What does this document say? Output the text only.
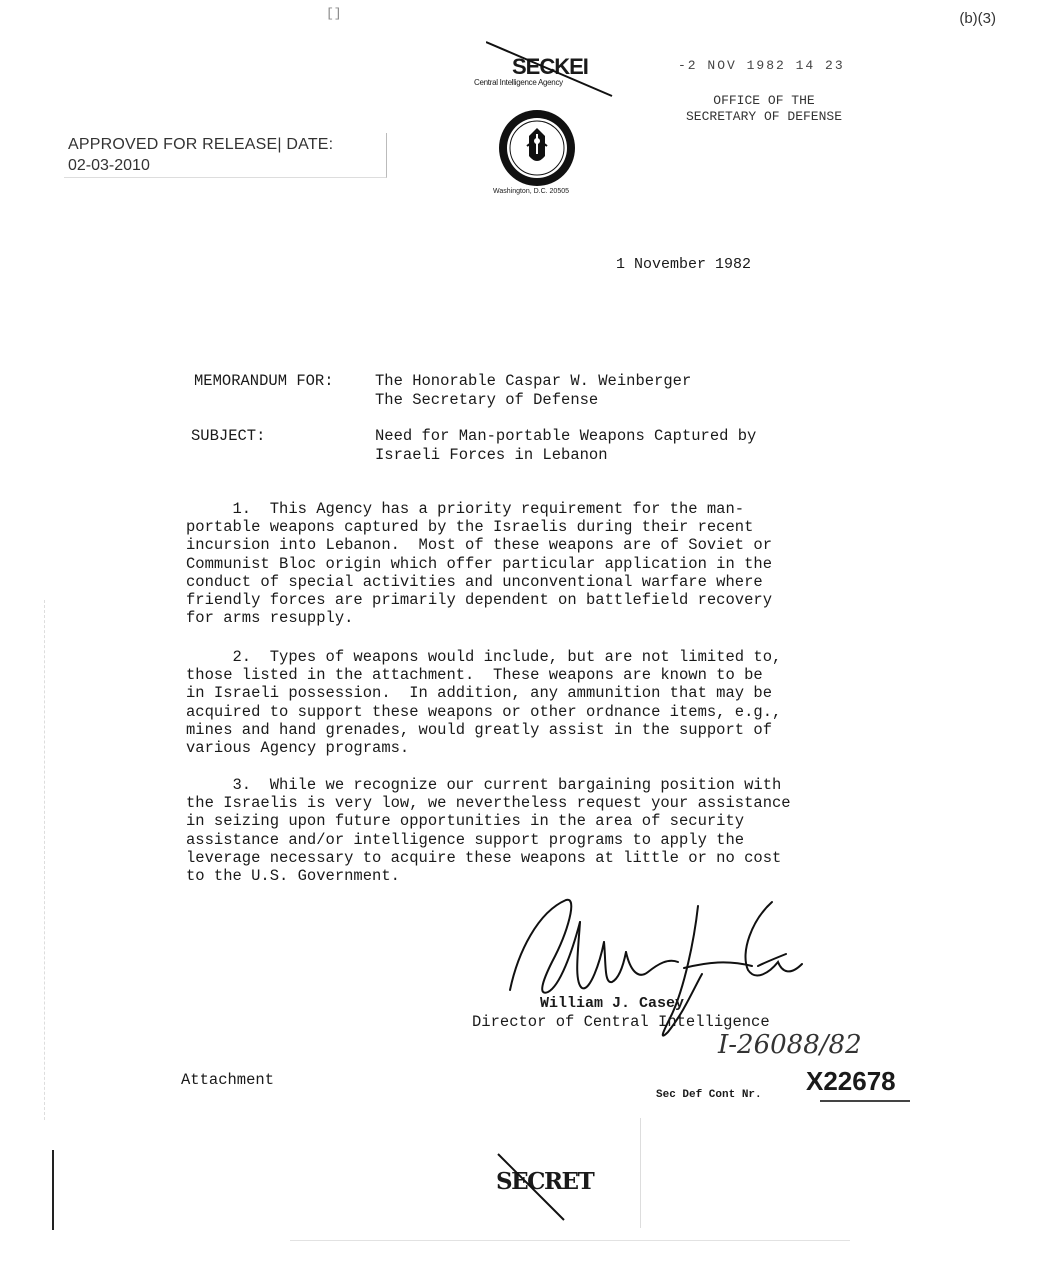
[]	(b)(3)
APPROVED FOR RELEASE| DATE:
02-03-2010
SECKEI
Central Intelligence Agency
Washington, D.C. 20505
-2 NOV 1982 14 23
OFFICE OF THE
SECRETARY OF DEFENSE
1 November 1982
MEMORANDUM FOR:	The Honorable Caspar W. Weinberger
The Secretary of Defense
SUBJECT:	Need for Man-portable Weapons Captured by
Israeli Forces in Lebanon
1.  This Agency has a priority requirement for the man-
portable weapons captured by the Israelis during their recent
incursion into Lebanon.  Most of these weapons are of Soviet or
Communist Bloc origin which offer particular application in the
conduct of special activities and unconventional warfare where
friendly forces are primarily dependent on battlefield recovery
for arms resupply.
2.  Types of weapons would include, but are not limited to,
those listed in the attachment.  These weapons are known to be
in Israeli possession.  In addition, any ammunition that may be
acquired to support these weapons or other ordnance items, e.g.,
mines and hand grenades, would greatly assist in the support of
various Agency programs.
3.  While we recognize our current bargaining position with
the Israelis is very low, we nevertheless request your assistance
in seizing upon future opportunities in the area of security
assistance and/or intelligence support programs to apply the
leverage necessary to acquire these weapons at little or no cost
to the U.S. Government.
William J. Casey
Director of Central Intelligence
I-26088/82
Attachment
Sec Def Cont Nr. X22678
SECRET
